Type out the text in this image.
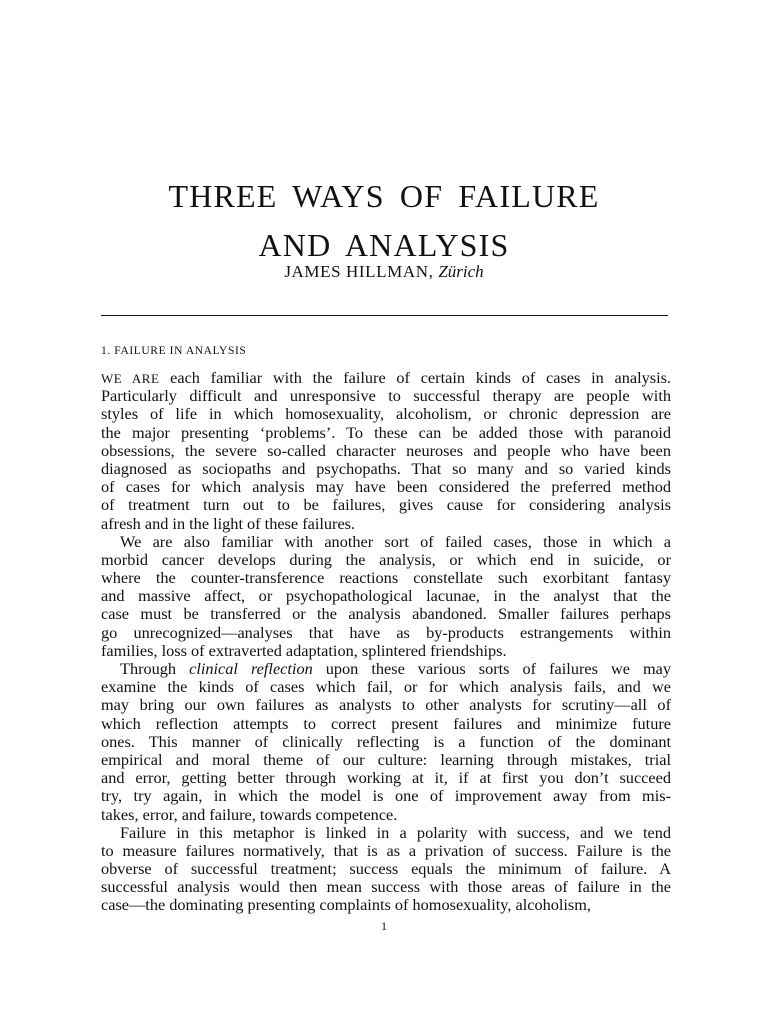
THREE WAYS OF FAILURE
AND ANALYSIS
JAMES HILLMAN, Zürich
1. FAILURE IN ANALYSIS
WE ARE each familiar with the failure of certain kinds of cases in analysis.
Particularly difficult and unresponsive to successful therapy are people with
styles of life in which homosexuality, alcoholism, or chronic depression are
the major presenting ‘problems’. To these can be added those with paranoid
obsessions, the severe so-called character neuroses and people who have been
diagnosed as sociopaths and psychopaths. That so many and so varied kinds
of cases for which analysis may have been considered the preferred method
of treatment turn out to be failures, gives cause for considering analysis
afresh and in the light of these failures.
We are also familiar with another sort of failed cases, those in which a
morbid cancer develops during the analysis, or which end in suicide, or
where the counter-transference reactions constellate such exorbitant fantasy
and massive affect, or psychopathological lacunae, in the analyst that the
case must be transferred or the analysis abandoned. Smaller failures perhaps
go unrecognized—analyses that have as by-products estrangements within
families, loss of extraverted adaptation, splintered friendships.
Through clinical reflection upon these various sorts of failures we may
examine the kinds of cases which fail, or for which analysis fails, and we
may bring our own failures as analysts to other analysts for scrutiny—all of
which reflection attempts to correct present failures and minimize future
ones. This manner of clinically reflecting is a function of the dominant
empirical and moral theme of our culture: learning through mistakes, trial
and error, getting better through working at it, if at first you don’t succeed
try, try again, in which the model is one of improvement away from mis-
takes, error, and failure, towards competence.
Failure in this metaphor is linked in a polarity with success, and we tend
to measure failures normatively, that is as a privation of success. Failure is the
obverse of successful treatment; success equals the minimum of failure. A
successful analysis would then mean success with those areas of failure in the
case—the dominating presenting complaints of homosexuality, alcoholism,
1
